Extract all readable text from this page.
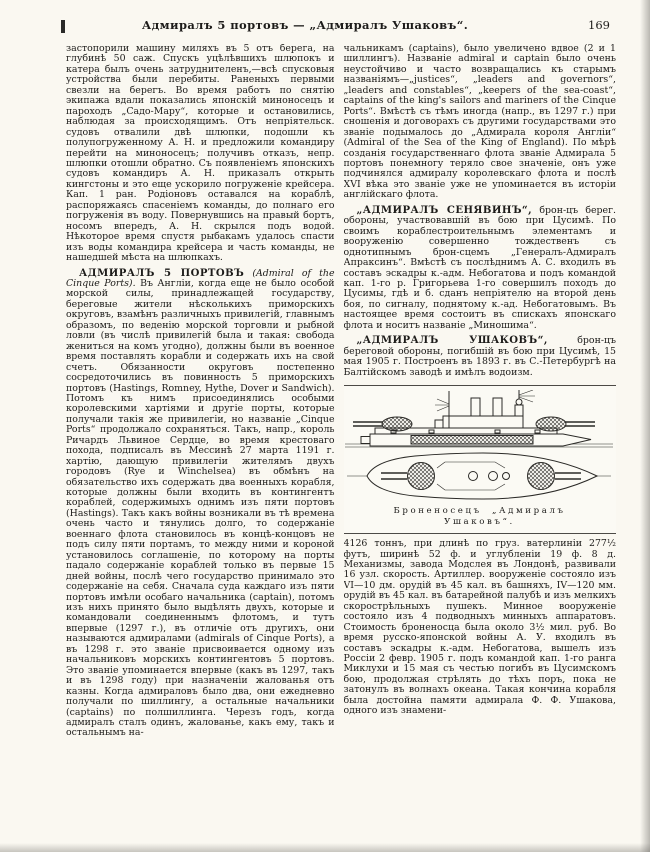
Адмиралъ 5 портовъ — „Адмиралъ Ушаковъ“.	169

застопорили машину миляхъ въ 5 отъ берега, на глубинѣ 50 саж. Спускъ уцѣлѣвшихъ шлюпокъ и катера былъ очень затруднителенъ,—всѣ спусковыя устройства были перебиты. Раненыхъ первыми свезли на берегъ. Во время работъ по снятію экипажа вдали показались японскій миноносецъ и пароходъ „Садо-Мару“, которые и остановились, наблюдая за происходящимъ. Отъ непріятельск. судовъ отвалили двѣ шлюпки, подошли къ полупогруженному А. Н. и предложили командиру перейти на миноносецъ; получивъ отказъ, непр. шлюпки отошли обратно. Съ появленіемъ японскихъ судовъ командиръ А. Н. приказалъ открыть кингстоны и это еще ускорило погруженіе крейсера. Кап. 1 ран. Родіоновъ оставался на кораблѣ, распоряжаясь спасеніемъ команды, до полнаго его погруженія въ воду. Повернувшись на правый бортъ, носомъ впередъ, А. Н. скрылся подъ водой. Нѣкоторое время спустя рыбакамъ удалось спасти изъ воды командира крейсера и часть команды, не нашедшей мѣста на шлюпкахъ.

АДМИРАЛЪ 5 ПОРТОВЪ (Admiral of the Cinque Ports). Въ Англіи, когда еще не было особой морской силы, принадлежащей государству, береговые жители нѣсколькихъ приморскихъ округовъ, взамѣнъ различныхъ привилегій, главнымъ образомъ, по веденію морской торговли и рыбной ловли (въ числѣ привилегій была и такая: свобода жениться на комъ угодно), должны были въ военное время поставлять корабли и содержать ихъ на свой счетъ. Обязанности округовъ постепенно сосредоточились въ повинность 5 приморскихъ портовъ (Hastings, Romney, Hythe, Dover и Sandwich). Потомъ къ нимъ присоединялись особыми королевскими хартіями и другіе порты, которые получали такія же привилегіи, но названіе „Cinque Ports“ продолжало сохраняться. Такъ, напр., король Ричардъ Львиное Сердце, во время крестоваго похода, подписалъ въ Мессинѣ 27 марта 1191 г. хартію, дающую привилегіи жителямъ двухъ городовъ (Rye и Winchelsea) въ обмѣнъ на обязательство ихъ содержать два военныхъ корабля, которые должны были входить въ контингентъ кораблей, содержимыхъ однимъ изъ пяти портовъ (Hastings). Такъ какъ войны возникали въ тѣ времена очень часто и тянулись долго, то содержаніе военнаго флота становилось въ концѣ-концовъ не подъ силу пяти портамъ, то между ними и короной установилось соглашеніе, по которому на порты падало содержаніе кораблей только въ первые 15 дней войны, послѣ чего государство принимало это содержаніе на себя. Сначала суда каждаго изъ пяти портовъ имѣли особаго начальника (captain), потомъ изъ нихъ принято было выдѣлять двухъ, которые и командовали соединеннымъ флотомъ, и тутъ впервые (1297 г.), въ отличіе отъ другихъ, они называются адмиралами (admirals of Cinque Ports), а въ 1298 г. это званіе присвоивается одному изъ начальниковъ морскихъ контингентовъ 5 портовъ. Это званіе упоминается впервые (какъ въ 1297, такъ и въ 1298 году) при назначеніи жалованья отъ казны. Когда адмираловъ было два, они ежедневно получали по шиллингу, а остальные начальники (captains) по полшиллинга. Черезъ годъ, когда адмиралъ сталъ одинъ, жалованье, какъ ему, такъ и остальнымъ на-

чальникамъ (captains), было увеличено вдвое (2 и 1 шиллингъ). Названіе admiral и captain было очень неустойчиво и часто возвращались къ старымъ названіямъ—„justices“, „leaders and governors“, „leaders and constables“, „keepers of the sea-coast“, captains of the king's sailors and mariners of the Cinque Ports“. Вмѣстѣ съ тѣмъ иногда (напр., въ 1297 г.) при сношенія и договорахъ съ другими государствами это званіе подымалось до „Адмирала короля Англіи“ (Admiral of the Sea of the King of England). По мѣрѣ созданія государственнаго флота званіе Адмирала 5 портовъ понемногу теряло свое значеніе, онъ уже подчинялся адмиралу королевскаго флота и послѣ XVI вѣка это званіе уже не упоминается въ исторіи англійскаго флота.

„АДМИРАЛЪ СЕНЯВИНЪ“, брон-цъ берег. обороны, участвовавшій въ бою при Цусимѣ. По своимъ кораблестроительнымъ элементамъ и вооруженію совершенно тождественъ съ однотипнымъ брон-сцемъ „Генералъ-Адмиралъ Апраксинъ“. Вмѣстѣ съ послѣднимъ А. С. входилъ въ составъ эскадры к.-адм. Небогатова и подъ командой кап. 1-го р. Григорьева 1-го совершилъ походъ до Цусимы, гдѣ и б. сданъ непріятелю на второй день боя, по сигналу, поднятому к.-ад. Небогатовымъ. Въ настоящее время состоитъ въ спискахъ японскаго флота и носитъ названіе „Миношима“.

„АДМИРАЛЪ УШАКОВЪ“, брон-цъ береговой обороны, погибшій въ бою при Цусимѣ, 15 мая 1905 г. Построенъ въ 1893 г. въ С.-Петербургѣ на Балтійскомъ заводѣ и имѣлъ водоизм.

Броненосецъ „Адмиралъ
Ушаковъ“.

4126 тоннъ, при длинѣ по груз. ватерлиніи 277½ футъ, ширинѣ 52 ф. и углубленіи 19 ф. 8 д. Механизмы, завода Модслея въ Лондонѣ, развивали 16 узл. скорость. Артиллер. вооруженіе состояло изъ VI—10 дм. орудій въ 45 кал. въ башняхъ, IV—120 мм. орудій въ 45 кал. въ батарейной палубѣ и изъ мелкихъ скорострѣльныхъ пушекъ. Минное вооруженіе состояло изъ 4 подводныхъ минныхъ аппаратовъ. Стоимость броненосца была около 3½ мил. руб. Во время русско-японской войны А. У. входилъ въ составъ эскадры к.-адм. Небогатова, вышелъ изъ Россіи 2 февр. 1905 г. подъ командой кап. 1-го ранга Миклухи и 15 мая съ честью погибъ въ Цусимскомъ бою, продолжая стрѣлять до тѣхъ поръ, пока не затонулъ въ волнахъ океана. Такая кончина корабля была достойна памяти адмирала Ф. Ф. Ушакова, одного изъ знамени-
